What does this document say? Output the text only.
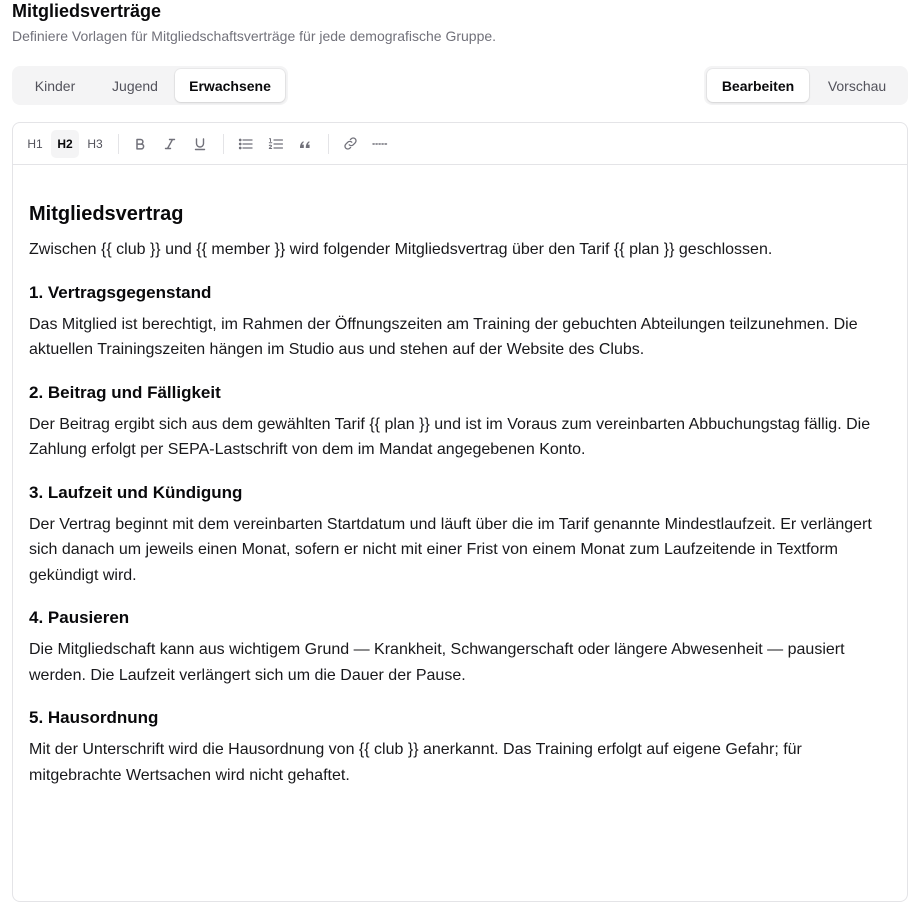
Mitgliedsverträge
Definiere Vorlagen für Mitgliedschaftsverträge für jede demografische Gruppe.
Kinder	Jugend	Erwachsene	Bearbeiten	Vorschau
H1	H2	H3
Mitgliedsvertrag

Zwischen {{ club }} und {{ member }} wird folgender Mitgliedsvertrag über den Tarif {{ plan }} geschlossen.

1. Vertragsgegenstand

Das Mitglied ist berechtigt, im Rahmen der Öffnungszeiten am Training der gebuchten Abteilungen teilzunehmen. Die aktuellen Trainingszeiten hängen im Studio aus und stehen auf der Website des Clubs.

2. Beitrag und Fälligkeit

Der Beitrag ergibt sich aus dem gewählten Tarif {{ plan }} und ist im Voraus zum vereinbarten Abbuchungstag fällig. Die Zahlung erfolgt per SEPA-Lastschrift von dem im Mandat angegebenen Konto.

3. Laufzeit und Kündigung

Der Vertrag beginnt mit dem vereinbarten Startdatum und läuft über die im Tarif genannte Mindestlaufzeit. Er verlängert sich danach um jeweils einen Monat, sofern er nicht mit einer Frist von einem Monat zum Laufzeitende in Textform gekündigt wird.

4. Pausieren

Die Mitgliedschaft kann aus wichtigem Grund — Krankheit, Schwangerschaft oder längere Abwesenheit — pausiert werden. Die Laufzeit verlängert sich um die Dauer der Pause.

5. Hausordnung

Mit der Unterschrift wird die Hausordnung von {{ club }} anerkannt. Das Training erfolgt auf eigene Gefahr; für mitgebrachte Wertsachen wird nicht gehaftet.
